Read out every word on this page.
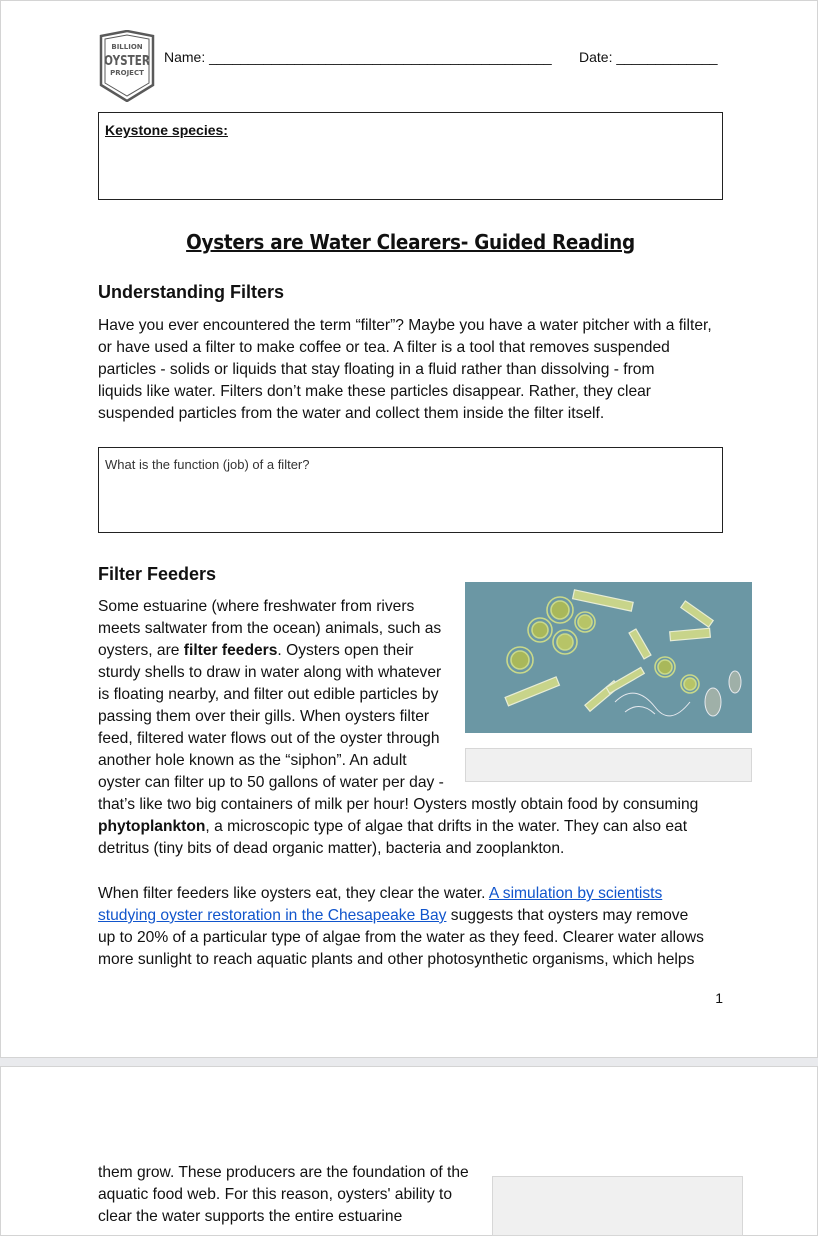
BILLION
OYSTER
PROJECT
Name: ____________________________________________ Date: _____________
Keystone species:
Oysters are Water Clearers- Guided Reading
Understanding Filters
Have you ever encountered the term “filter”? Maybe you have a water pitcher with a filter,
or have used a filter to make coffee or tea. A filter is a tool that removes suspended
particles - solids or liquids that stay floating in a fluid rather than dissolving - from
liquids like water. Filters don’t make these particles disappear. Rather, they clear
suspended particles from the water and collect them inside the filter itself.
What is the function (job) of a filter?
Filter Feeders
Some estuarine (where freshwater from rivers
meets saltwater from the ocean) animals, such as
oysters, are filter feeders. Oysters open their
sturdy shells to draw in water along with whatever
is floating nearby, and filter out edible particles by
passing them over their gills. When oysters filter
feed, filtered water flows out of the oyster through
another hole known as the “siphon”. An adult
oyster can filter up to 50 gallons of water per day -
that’s like two big containers of milk per hour! Oysters mostly obtain food by consuming
phytoplankton, a microscopic type of algae that drifts in the water. They can also eat
detritus (tiny bits of dead organic matter), bacteria and zooplankton.
When filter feeders like oysters eat, they clear the water. A simulation by scientists
studying oyster restoration in the Chesapeake Bay suggests that oysters may remove
up to 20% of a particular type of algae from the water as they feed. Clearer water allows
more sunlight to reach aquatic plants and other photosynthetic organisms, which helps
1
them grow. These producers are the foundation of the
aquatic food web. For this reason, oysters' ability to
clear the water supports the entire estuarine
